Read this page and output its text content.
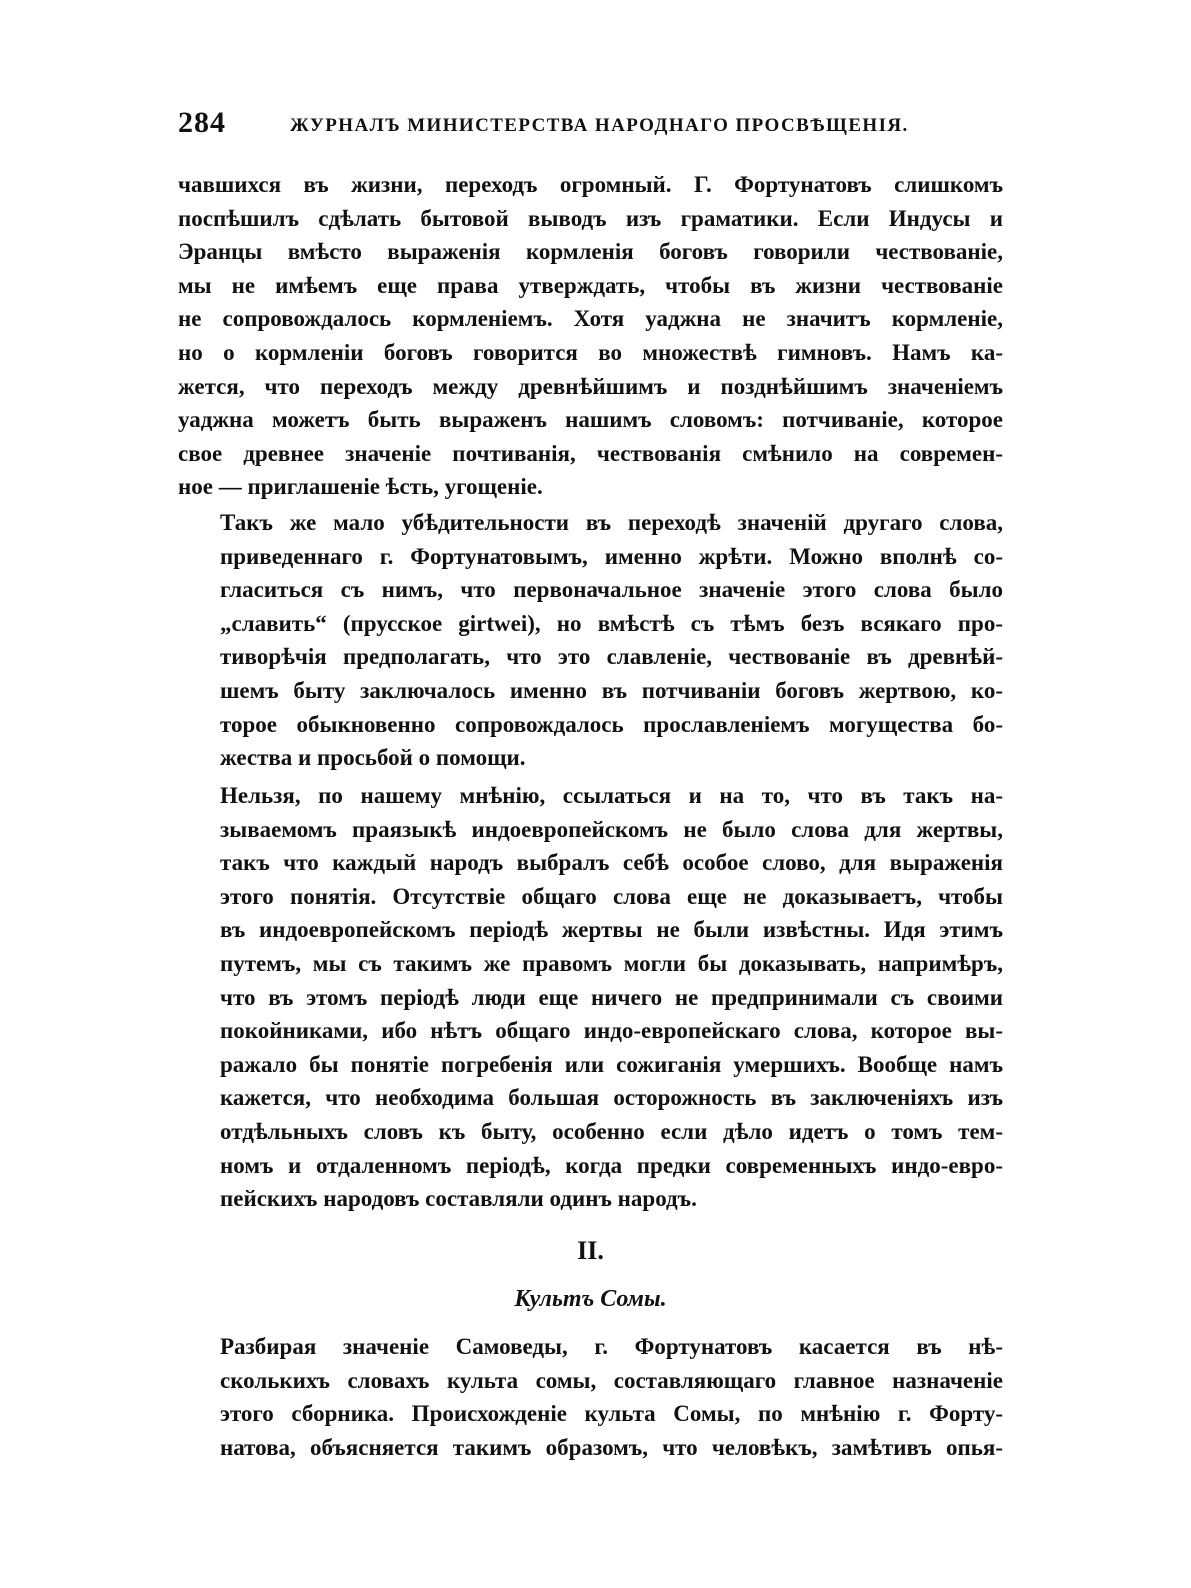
284	ЖУРНАЛЪ МИНИСТЕРСТВА НАРОДНАГО ПРОСВѢЩЕНІЯ.

чавшихся въ жизни, переходъ огромный. Г. Фортунатовъ слишкомъ
поспѣшилъ сдѣлать бытовой выводъ изъ граматики. Если Индусы и
Эранцы вмѣсто выраженія кормленія боговъ говорили чествованіе,
мы не имѣемъ еще права утверждать, чтобы въ жизни чествованіе
не сопровождалось кормленіемъ. Хотя уаджна не значитъ кормленіе,
но о кормленіи боговъ говорится во множествѣ гимновъ. Намъ ка-
жется, что переходъ между древнѣйшимъ и позднѣйшимъ значеніемъ
уаджна можетъ быть выраженъ нашимъ словомъ: потчиваніе, которое
свое древнее значеніе почтиванія, чествованія смѣнило на современ-
ное — приглашеніе ѣсть, угощеніе.

Такъ же мало убѣдительности въ переходѣ значеній другаго слова,
приведеннаго г. Фортунатовымъ, именно жрѣти. Можно вполнѣ со-
гласиться съ нимъ, что первоначальное значеніе этого слова было
„славить“ (прусское girtwei), но вмѣстѣ съ тѣмъ безъ всякаго про-
тиворѣчія предполагать, что это славленіе, чествованіе въ древнѣй-
шемъ быту заключалось именно въ потчиваніи боговъ жертвою, ко-
торое обыкновенно сопровождалось прославленіемъ могущества бо-
жества и просьбой о помощи.

Нельзя, по нашему мнѣнію, ссылаться и на то, что въ такъ на-
зываемомъ праязыкѣ индоевропейскомъ не было слова для жертвы,
такъ что каждый народъ выбралъ себѣ особое слово, для выраженія
этого понятія. Отсутствіе общаго слова еще не доказываетъ, чтобы
въ индоевропейскомъ періодѣ жертвы не были извѣстны. Идя этимъ
путемъ, мы съ такимъ же правомъ могли бы доказывать, напримѣръ,
что въ этомъ періодѣ люди еще ничего не предпринимали съ своими
покойниками, ибо нѣтъ общаго индо-европейскаго слова, которое вы-
ражало бы понятіе погребенія или сожиганія умершихъ. Вообще намъ
кажется, что необходима большая осторожность въ заключеніяхъ изъ
отдѣльныхъ словъ къ быту, особенно если дѣло идетъ о томъ тем-
номъ и отдаленномъ періодѣ, когда предки современныхъ индо-евро-
пейскихъ народовъ составляли одинъ народъ.

II.
Культъ Сомы.

Разбирая значеніе Самоведы, г. Фортунатовъ касается въ нѣ-
сколькихъ словахъ культа сомы, составляющаго главное назначеніе
этого сборника. Происхожденіе культа Сомы, по мнѣнію г. Форту-
натова, объясняется такимъ образомъ, что человѣкъ, замѣтивъ опья-
